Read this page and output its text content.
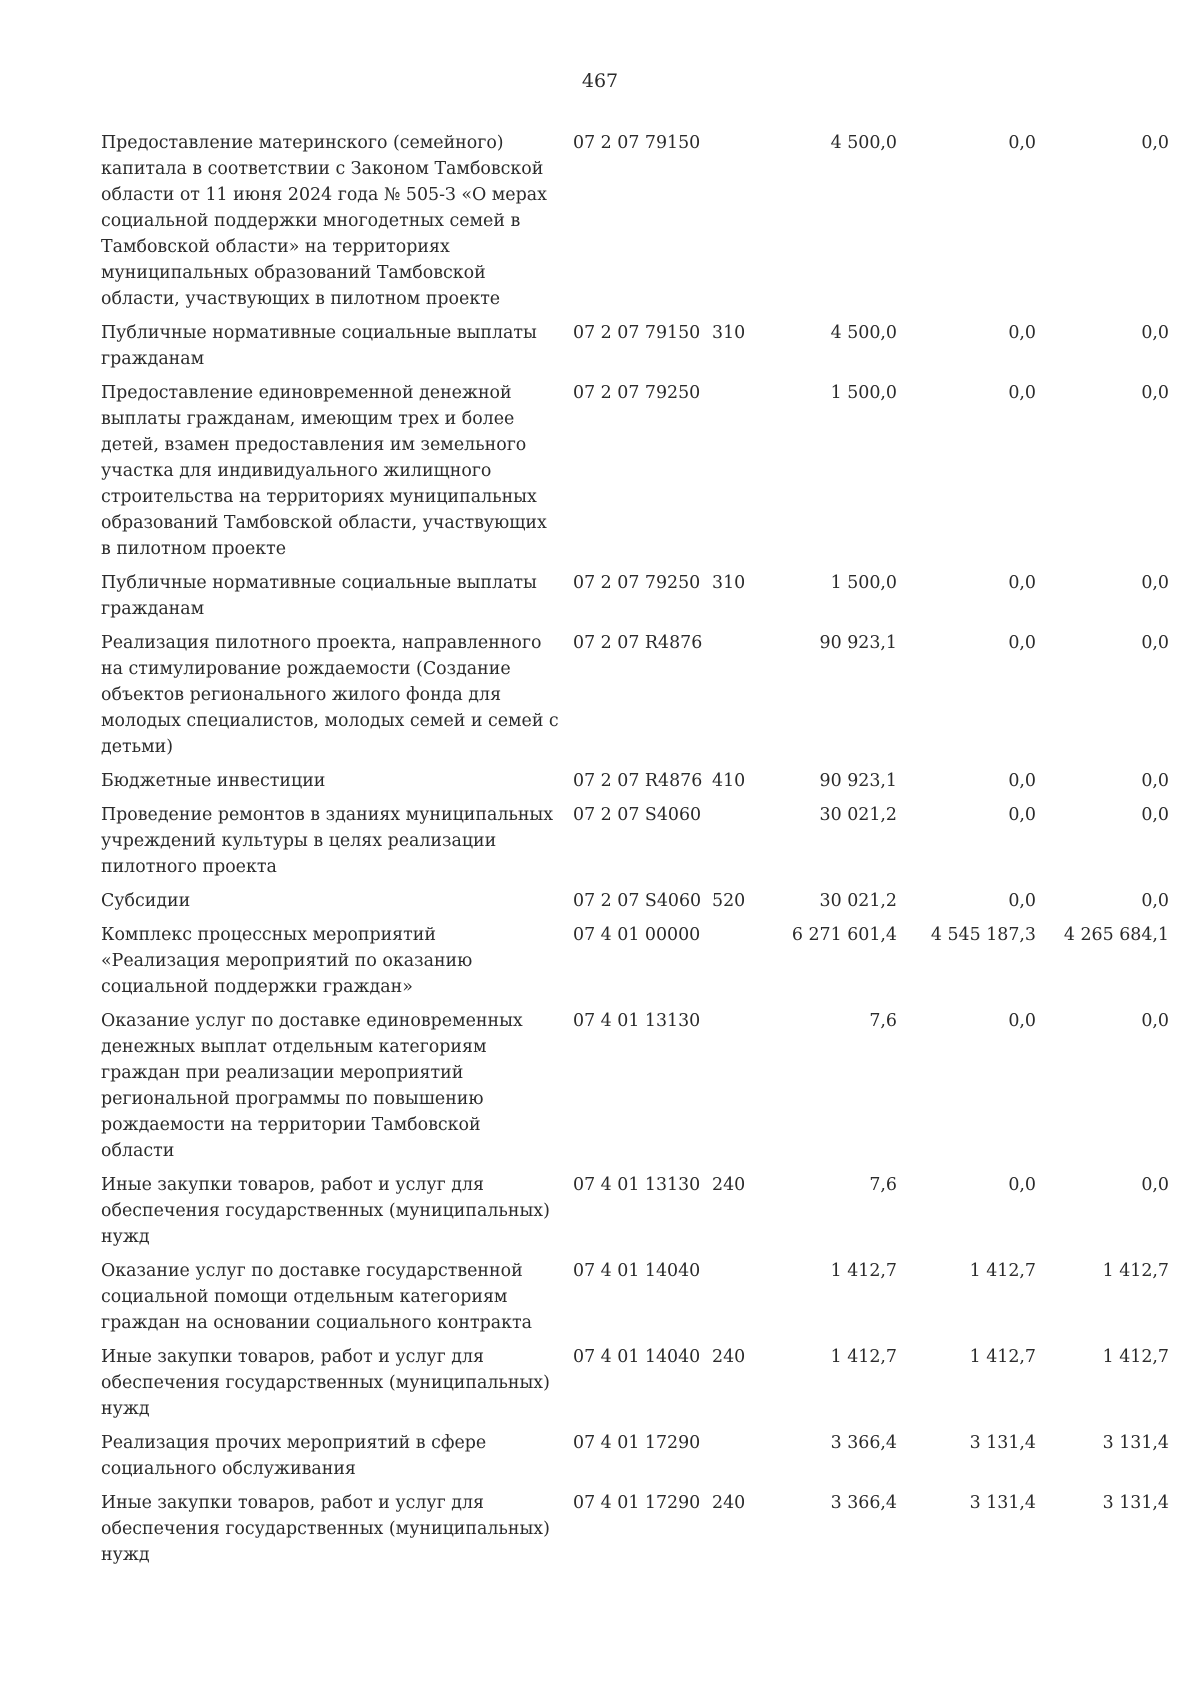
467
Предоставление материнского (семейного) капитала в соответствии с Законом Тамбовской области от 11 июня 2024 года № 505-З «О мерах социальной поддержки многодетных семей в Тамбовской области» на территориях муниципальных образований Тамбовской области, участвующих в пилотном проекте
07 2 07 79150	4 500,0	0,0	0,0
Публичные нормативные социальные выплаты гражданам
07 2 07 79150 310	4 500,0	0,0	0,0
Предоставление единовременной денежной выплаты гражданам, имеющим трех и более детей, взамен предоставления им земельного участка для индивидуального жилищного строительства на территориях муниципальных образований Тамбовской области, участвующих в пилотном проекте
07 2 07 79250	1 500,0	0,0	0,0
Публичные нормативные социальные выплаты гражданам
07 2 07 79250 310	1 500,0	0,0	0,0
Реализация пилотного проекта, направленного на стимулирование рождаемости (Создание объектов регионального жилого фонда для молодых специалистов, молодых семей и семей с детьми)
07 2 07 R4876	90 923,1	0,0	0,0
Бюджетные инвестиции	07 2 07 R4876 410	90 923,1	0,0	0,0
Проведение ремонтов в зданиях муниципальных учреждений культуры в целях реализации пилотного проекта
07 2 07 S4060	30 021,2	0,0	0,0
Субсидии	07 2 07 S4060 520	30 021,2	0,0	0,0
Комплекс процессных мероприятий «Реализация мероприятий по оказанию социальной поддержки граждан»
07 4 01 00000	6 271 601,4	4 545 187,3	4 265 684,1
Оказание услуг по доставке единовременных денежных выплат отдельным категориям граждан при реализации мероприятий региональной программы по повышению рождаемости на территории Тамбовской области
07 4 01 13130	7,6	0,0	0,0
Иные закупки товаров, работ и услуг для обеспечения государственных (муниципальных) нужд
07 4 01 13130 240	7,6	0,0	0,0
Оказание услуг по доставке государственной социальной помощи отдельным категориям граждан на основании социального контракта
07 4 01 14040	1 412,7	1 412,7	1 412,7
Иные закупки товаров, работ и услуг для обеспечения государственных (муниципальных) нужд
07 4 01 14040 240	1 412,7	1 412,7	1 412,7
Реализация прочих мероприятий в сфере социального обслуживания
07 4 01 17290	3 366,4	3 131,4	3 131,4
Иные закупки товаров, работ и услуг для обеспечения государственных (муниципальных) нужд
07 4 01 17290 240	3 366,4	3 131,4	3 131,4
